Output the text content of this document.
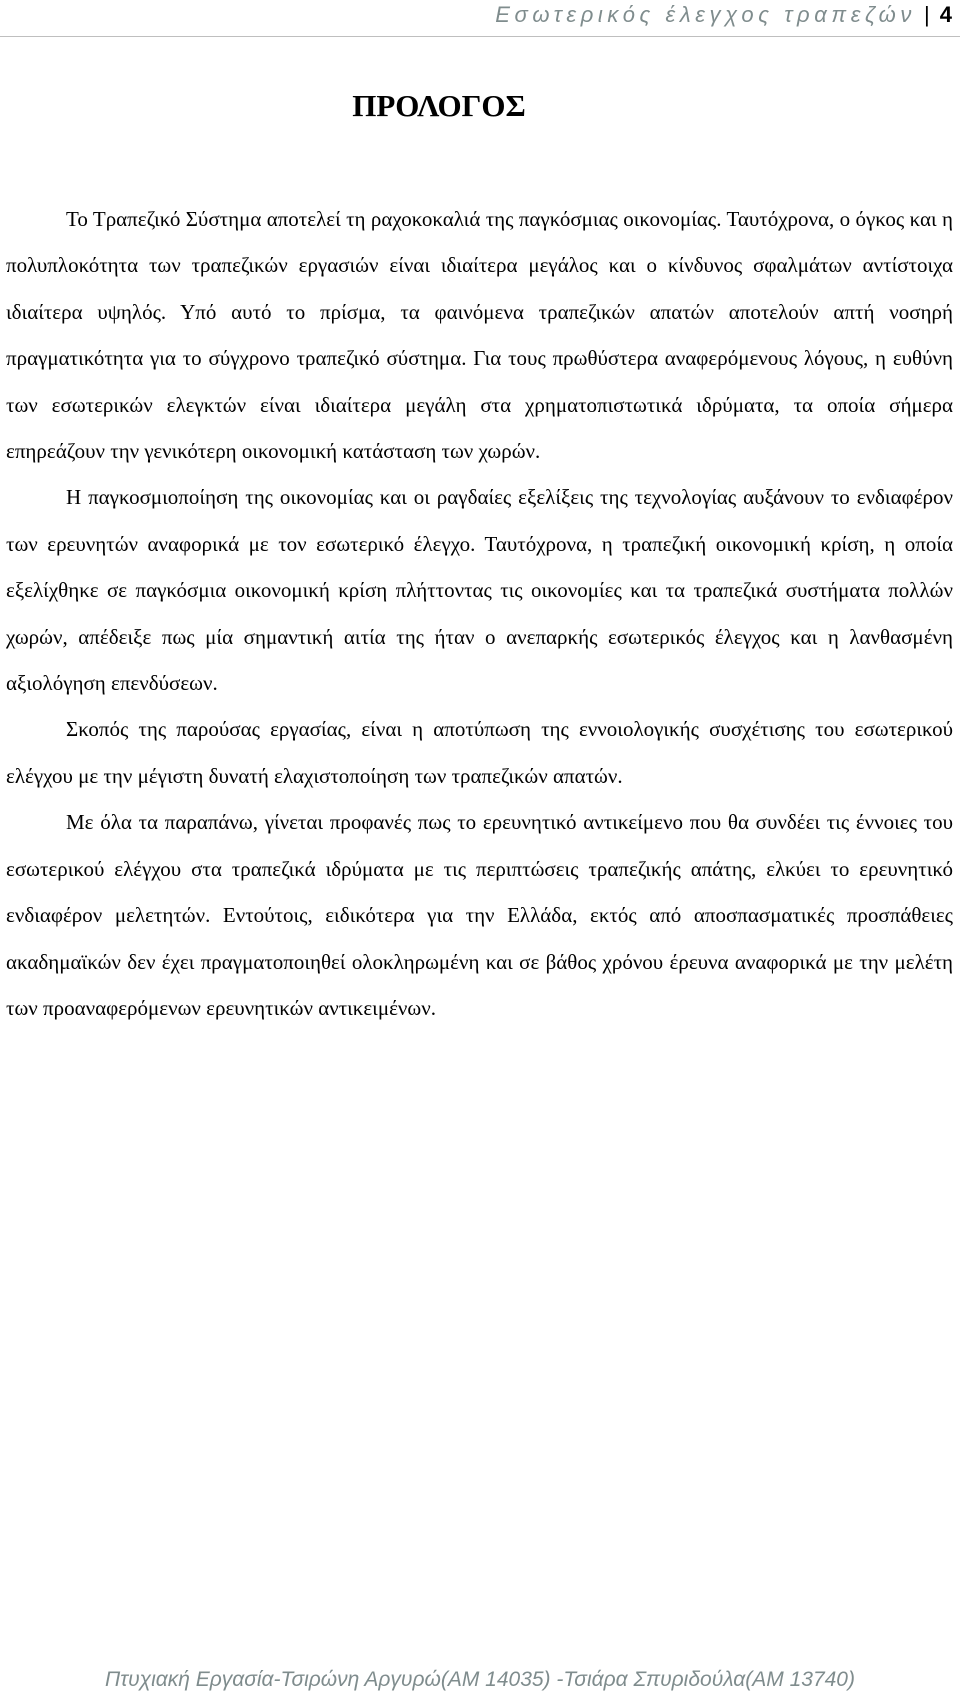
Εσωτερικός έλεγχος τραπεζών | 4
ΠΡΟΛΟΓΟΣ

Το Τραπεζικό Σύστημα αποτελεί τη ραχοκοκαλιά της παγκόσμιας οικονομίας. Ταυτόχρονα, ο όγκος και η πολυπλοκότητα των τραπεζικών εργασιών είναι ιδιαίτερα μεγάλος και ο κίνδυνος σφαλμάτων αντίστοιχα ιδιαίτερα υψηλός. Υπό αυτό το πρίσμα, τα φαινόμενα τραπεζικών απατών αποτελούν απτή νοσηρή πραγματικότητα για το σύγχρονο τραπεζικό σύστημα. Για τους πρωθύστερα αναφερόμενους λόγους, η ευθύνη των εσωτερικών ελεγκτών είναι ιδιαίτερα μεγάλη στα χρηματοπιστωτικά ιδρύματα, τα οποία σήμερα επηρεάζουν την γενικότερη οικονομική κατάσταση των χωρών.

Η παγκοσμιοποίηση της οικονομίας και οι ραγδαίες εξελίξεις της τεχνολογίας αυξάνουν το ενδιαφέρον των ερευνητών αναφορικά με τον εσωτερικό έλεγχο. Ταυτόχρονα, η τραπεζική οικονομική κρίση, η οποία εξελίχθηκε σε παγκόσμια οικονομική κρίση πλήττοντας τις οικονομίες και τα τραπεζικά συστήματα πολλών χωρών, απέδειξε πως μία σημαντική αιτία της ήταν ο ανεπαρκής εσωτερικός έλεγχος και η λανθασμένη αξιολόγηση επενδύσεων.

Σκοπός της παρούσας εργασίας, είναι η αποτύπωση της εννοιολογικής συσχέτισης του εσωτερικού ελέγχου με την μέγιστη δυνατή ελαχιστοποίηση των τραπεζικών απατών.

Με όλα τα παραπάνω, γίνεται προφανές πως το ερευνητικό αντικείμενο που θα συνδέει τις έννοιες του εσωτερικού ελέγχου στα τραπεζικά ιδρύματα με τις περιπτώσεις τραπεζικής απάτης, ελκύει το ερευνητικό ενδιαφέρον μελετητών. Εντούτοις, ειδικότερα για την Ελλάδα, εκτός από αποσπασματικές προσπάθειες ακαδημαϊκών δεν έχει πραγματοποιηθεί ολοκληρωμένη και σε βάθος χρόνου έρευνα αναφορικά με την μελέτη των προαναφερόμενων ερευνητικών αντικειμένων.

Πτυχιακή Εργασία-Τσιρώνη Αργυρώ(ΑΜ 14035) -Τσιάρα Σπυριδούλα(ΑΜ 13740)
